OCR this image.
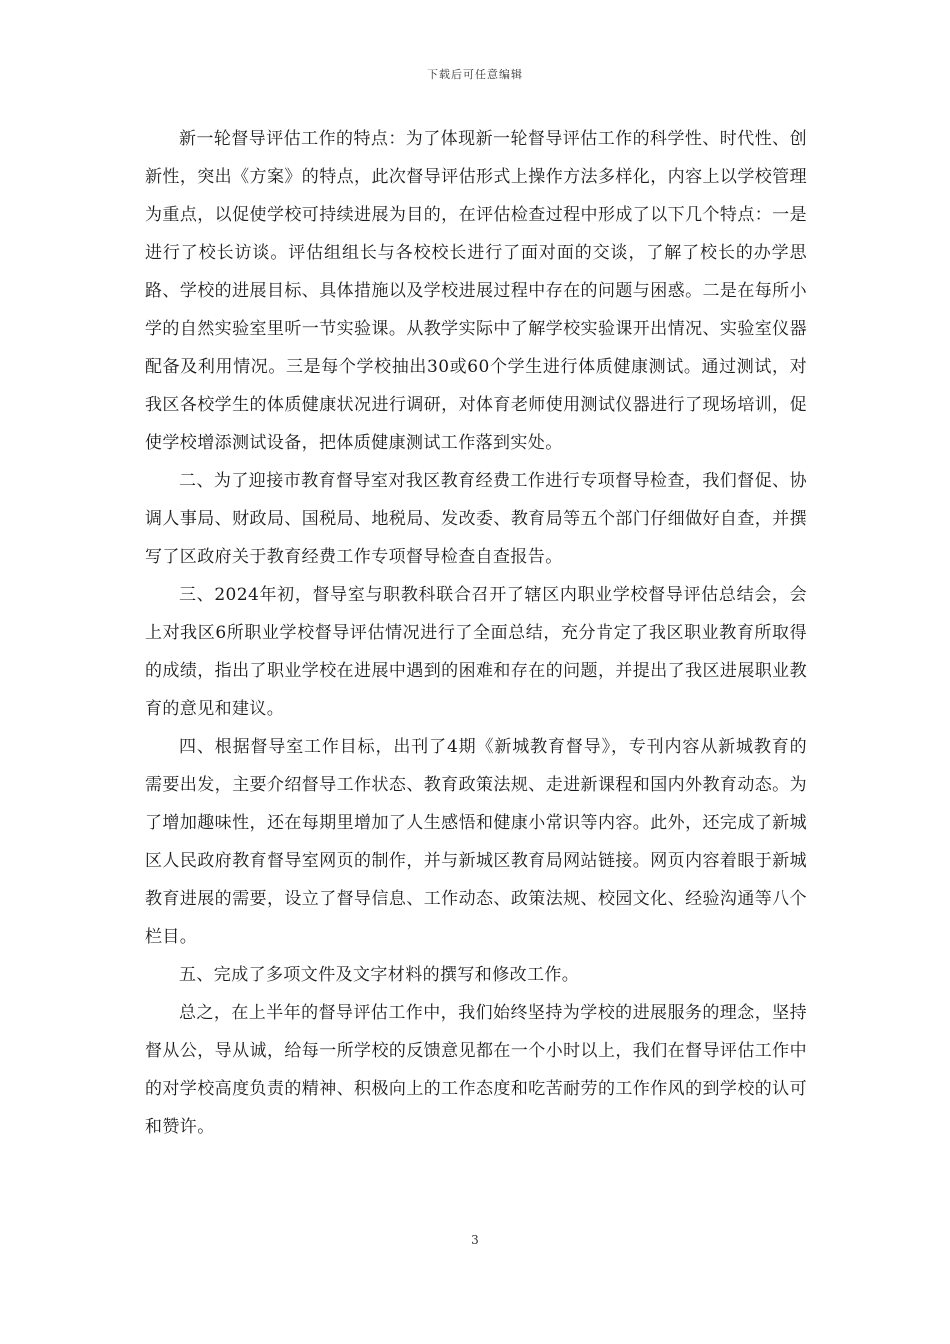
下载后可任意编辑

新一轮督导评估工作的特点：为了体现新一轮督导评估工作的科学性、时代性、创新性，突出《方案》的特点，此次督导评估形式上操作方法多样化，内容上以学校管理为重点，以促使学校可持续进展为目的，在评估检查过程中形成了以下几个特点：一是进行了校长访谈。评估组组长与各校校长进行了面对面的交谈，了解了校长的办学思路、学校的进展目标、具体措施以及学校进展过程中存在的问题与困惑。二是在每所小学的自然实验室里听一节实验课。从教学实际中了解学校实验课开出情况、实验室仪器配备及利用情况。三是每个学校抽出30或60个学生进行体质健康测试。通过测试，对我区各校学生的体质健康状况进行调研，对体育老师使用测试仪器进行了现场培训，促使学校增添测试设备，把体质健康测试工作落到实处。

二、为了迎接市教育督导室对我区教育经费工作进行专项督导检查，我们督促、协调人事局、财政局、国税局、地税局、发改委、教育局等五个部门仔细做好自查，并撰写了区政府关于教育经费工作专项督导检查自查报告。

三、2024年初，督导室与职教科联合召开了辖区内职业学校督导评估总结会，会上对我区6所职业学校督导评估情况进行了全面总结，充分肯定了我区职业教育所取得的成绩，指出了职业学校在进展中遇到的困难和存在的问题，并提出了我区进展职业教育的意见和建议。

四、根据督导室工作目标，出刊了4期《新城教育督导》，专刊内容从新城教育的需要出发，主要介绍督导工作状态、教育政策法规、走进新课程和国内外教育动态。为了增加趣味性，还在每期里增加了人生感悟和健康小常识等内容。此外，还完成了新城区人民政府教育督导室网页的制作，并与新城区教育局网站链接。网页内容着眼于新城教育进展的需要，设立了督导信息、工作动态、政策法规、校园文化、经验沟通等八个栏目。

五、完成了多项文件及文字材料的撰写和修改工作。

总之，在上半年的督导评估工作中，我们始终坚持为学校的进展服务的理念，坚持督从公，导从诚，给每一所学校的反馈意见都在一个小时以上，我们在督导评估工作中的对学校高度负责的精神、积极向上的工作态度和吃苦耐劳的工作作风的到学校的认可和赞许。

3
